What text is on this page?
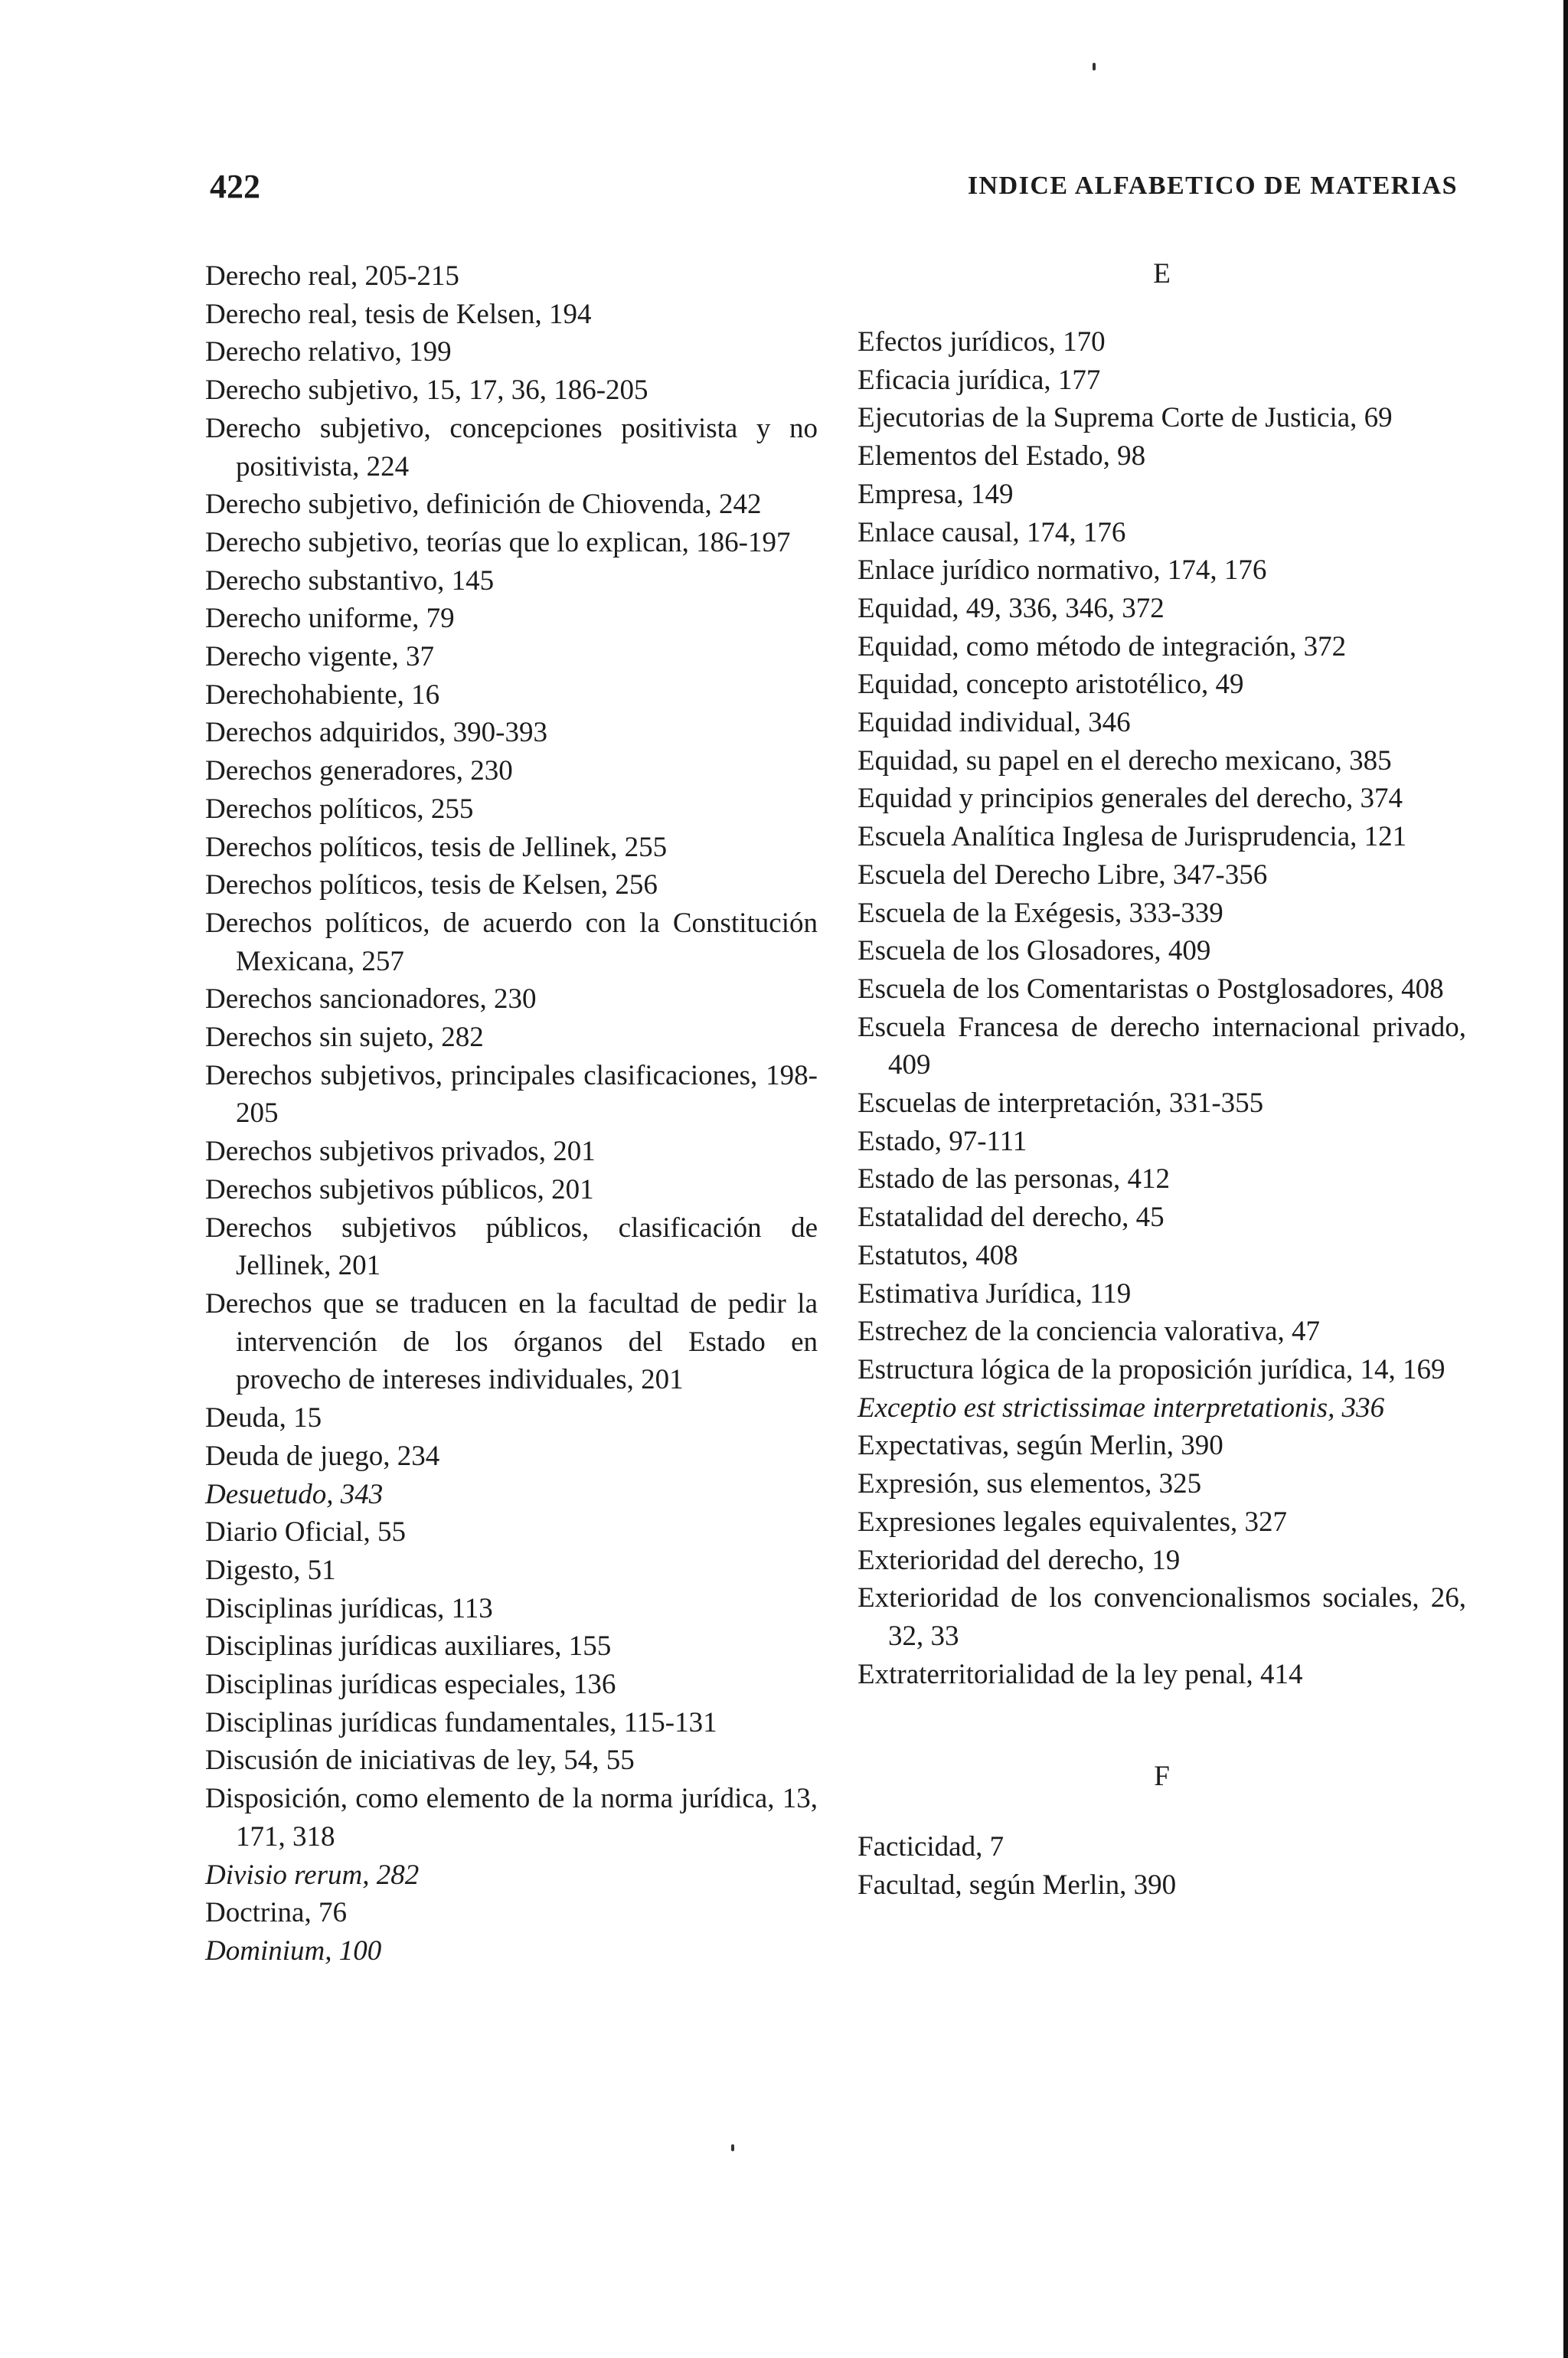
422	INDICE ALFABETICO DE MATERIAS
Derecho real, 205-215
Derecho real, tesis de Kelsen, 194
Derecho relativo, 199
Derecho subjetivo, 15, 17, 36, 186-205
Derecho subjetivo, concepciones positivista y no positivista, 224
Derecho subjetivo, definición de Chiovenda, 242
Derecho subjetivo, teorías que lo explican, 186-197
Derecho substantivo, 145
Derecho uniforme, 79
Derecho vigente, 37
Derechohabiente, 16
Derechos adquiridos, 390-393
Derechos generadores, 230
Derechos políticos, 255
Derechos políticos, tesis de Jellinek, 255
Derechos políticos, tesis de Kelsen, 256
Derechos políticos, de acuerdo con la Constitución Mexicana, 257
Derechos sancionadores, 230
Derechos sin sujeto, 282
Derechos subjetivos, principales clasificaciones, 198-205
Derechos subjetivos privados, 201
Derechos subjetivos públicos, 201
Derechos subjetivos públicos, clasificación de Jellinek, 201
Derechos que se traducen en la facultad de pedir la intervención de los órganos del Estado en provecho de intereses individuales, 201
Deuda, 15
Deuda de juego, 234
Desuetudo, 343
Diario Oficial, 55
Digesto, 51
Disciplinas jurídicas, 113
Disciplinas jurídicas auxiliares, 155
Disciplinas jurídicas especiales, 136
Disciplinas jurídicas fundamentales, 115-131
Discusión de iniciativas de ley, 54, 55
Disposición, como elemento de la norma jurídica, 13, 171, 318
Divisio rerum, 282
Doctrina, 76
Dominium, 100
E
Efectos jurídicos, 170
Eficacia jurídica, 177
Ejecutorias de la Suprema Corte de Justicia, 69
Elementos del Estado, 98
Empresa, 149
Enlace causal, 174, 176
Enlace jurídico normativo, 174, 176
Equidad, 49, 336, 346, 372
Equidad, como método de integración, 372
Equidad, concepto aristotélico, 49
Equidad individual, 346
Equidad, su papel en el derecho mexicano, 385
Equidad y principios generales del derecho, 374
Escuela Analítica Inglesa de Jurisprudencia, 121
Escuela del Derecho Libre, 347-356
Escuela de la Exégesis, 333-339
Escuela de los Glosadores, 409
Escuela de los Comentaristas o Postglosadores, 408
Escuela Francesa de derecho internacional privado, 409
Escuelas de interpretación, 331-355
Estado, 97-111
Estado de las personas, 412
Estatalidad del derecho, 45
Estatutos, 408
Estimativa Jurídica, 119
Estrechez de la conciencia valorativa, 47
Estructura lógica de la proposición jurídica, 14, 169
Exceptio est strictissimae interpretationis, 336
Expectativas, según Merlin, 390
Expresión, sus elementos, 325
Expresiones legales equivalentes, 327
Exterioridad del derecho, 19
Exterioridad de los convencionalismos sociales, 26, 32, 33
Extraterritorialidad de la ley penal, 414
F
Facticidad, 7
Facultad, según Merlin, 390
